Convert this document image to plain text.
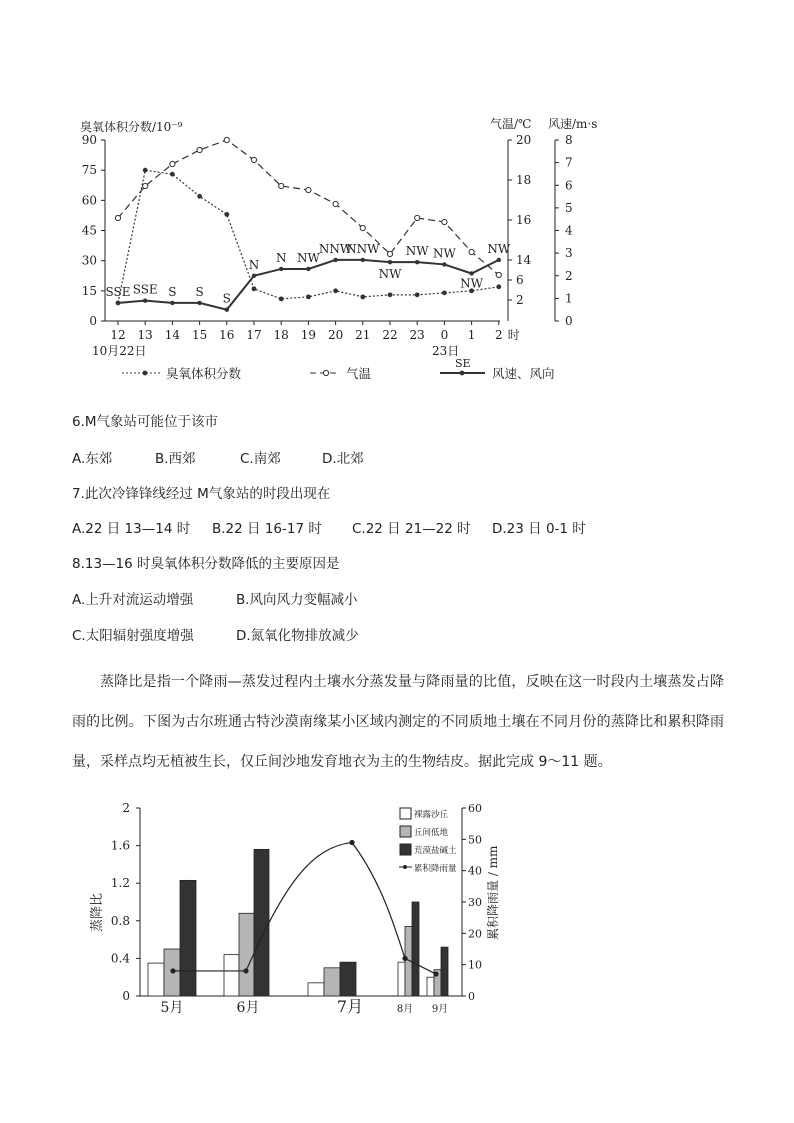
臭氧体积分数/10⁻⁹	气温/℃ 风速/m·s
0
15
30
45
60
75
90
2
6
14
16
18
20
0
1
2
3
4
5
6
7
8
12 13 14 15 16 17 18 19 20 21 22 23 0 1 2 时
SSE SSE S S S
N N NW
NNW
NNW
NW
NW NW
NW
NW
10月22日	23日
臭氧体积分数	气温
SE
风速、风向
6.M气象站可能位于该市
A.东郊	B.西郊	C.南郊	D.北郊
7.此次冷锋锋线经过 M气象站的时段出现在
A.22 日 13—14 时 B.22 日 16-17 时 C.22 日 21—22 时 D.23 日 0-1 时
8.13—16 时臭氧体积分数降低的主要原因是
A.上升对流运动增强	B.风向风力变幅减小
C.太阳辐射强度增强	D.氮氧化物排放减少
蒸降比是指一个降雨—蒸发过程内土壤水分蒸发量与降雨量的比值，反映在这一时段内土壤蒸发占降雨的比例。下图为古尔班通古特沙漠南缘某小区域内测定的不同质地土壤在不同月份的蒸降比和累积降雨量，采样点均无植被生长，仅丘间沙地发育地衣为主的生物结皮。据此完成 9～11 题。
蒸降比	累积降雨量 / mm
0
0.4
0.8
1.2
1.6
2
0
10
20
30
40
50
60
5月	6月	7月	8月 9月
裸露沙丘
丘间低地
荒漠盐碱土
累积降雨量
